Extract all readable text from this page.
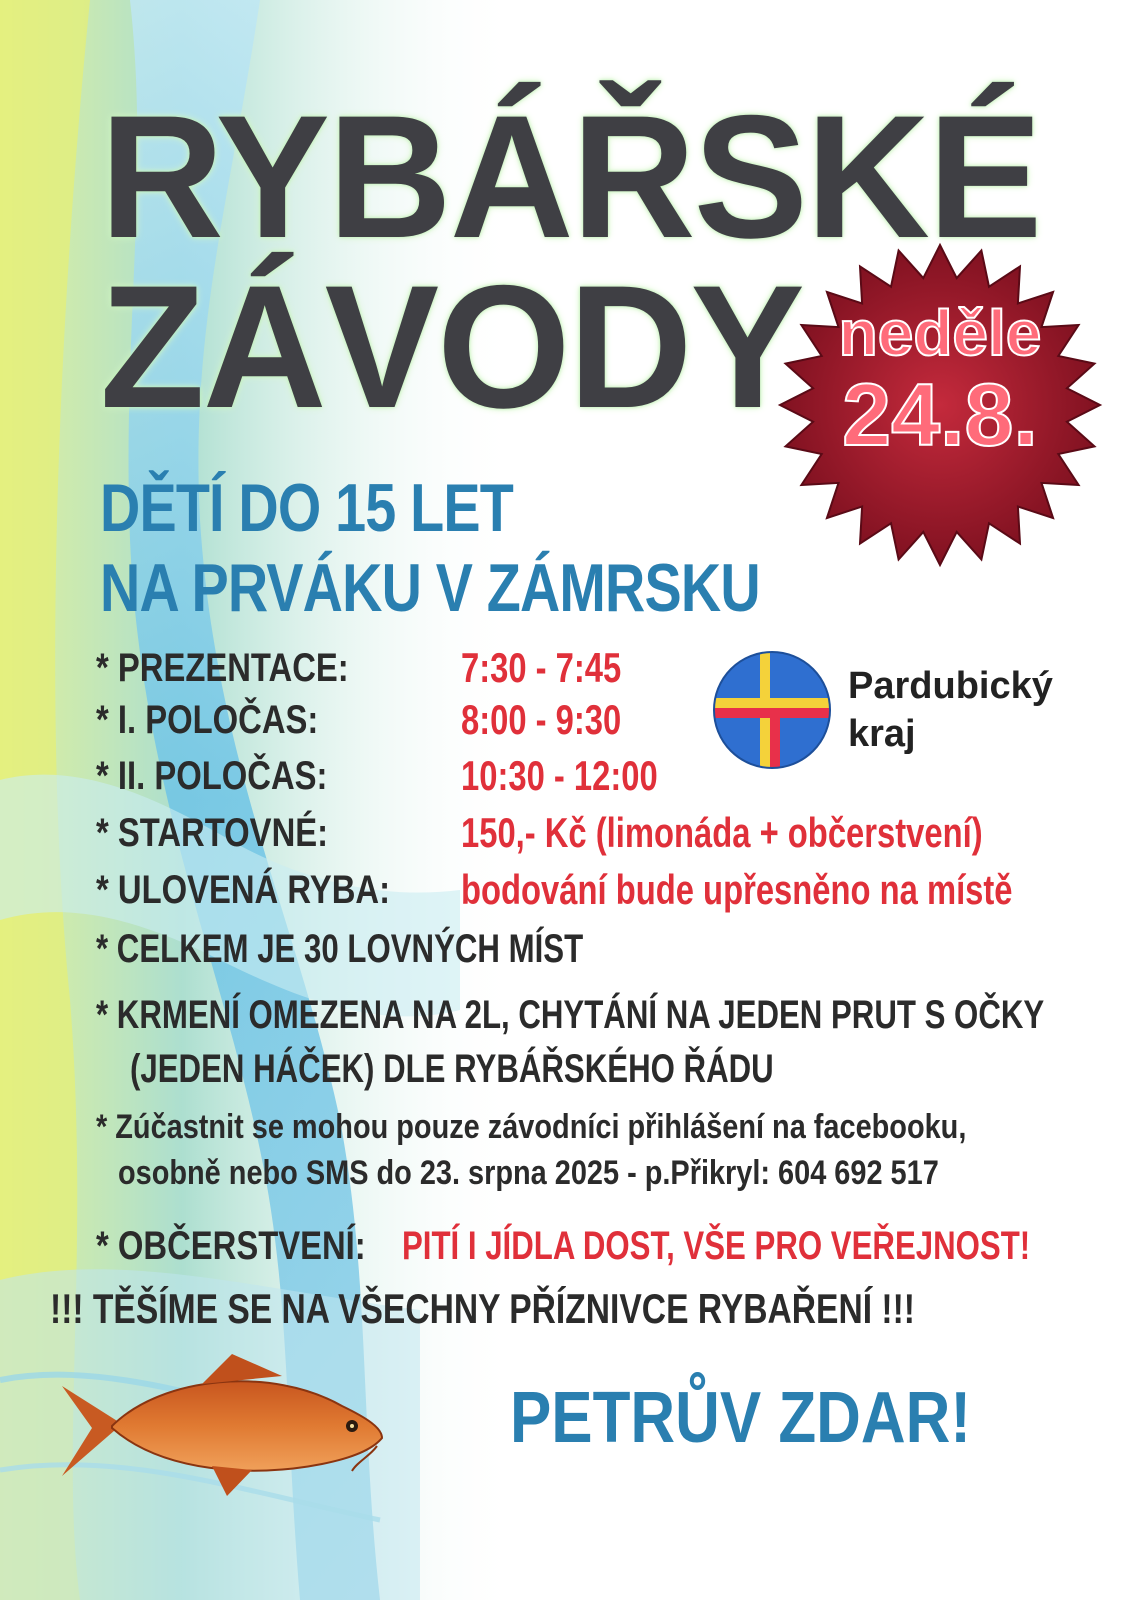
RYBÁŘSKÉ
ZÁVODY neděle
24.8.
DĚTÍ DO 15 LET
NA PRVÁKU V ZÁMRSKU

Pardubický
kraj

* PREZENTACE:	7:30 - 7:45
* I. POLOČAS:	8:00 - 9:30
* II. POLOČAS:	10:30 - 12:00
* STARTOVNÉ:	150,- Kč (limonáda + občerstvení)
* ULOVENÁ RYBA: bodování bude upřesněno na místě

* CELKEM JE 30 LOVNÝCH MÍST

* KRMENÍ OMEZENA NA 2L, CHYTÁNÍ NA JEDEN PRUT S OČKY

(JEDEN HÁČEK) DLE RYBÁŘSKÉHO ŘÁDU

* Zúčastnit se mohou pouze závodníci přihlášení na facebooku,

osobně nebo SMS do 23. srpna 2025 - p.Přikryl: 604 692 517

* OBČERSTVENÍ: PITÍ I JÍDLA DOST, VŠE PRO VEŘEJNOST!

!!! TĚŠÍME SE NA VŠECHNY PŘÍZNIVCE RYBAŘENÍ !!!

PETRŮV ZDAR!
